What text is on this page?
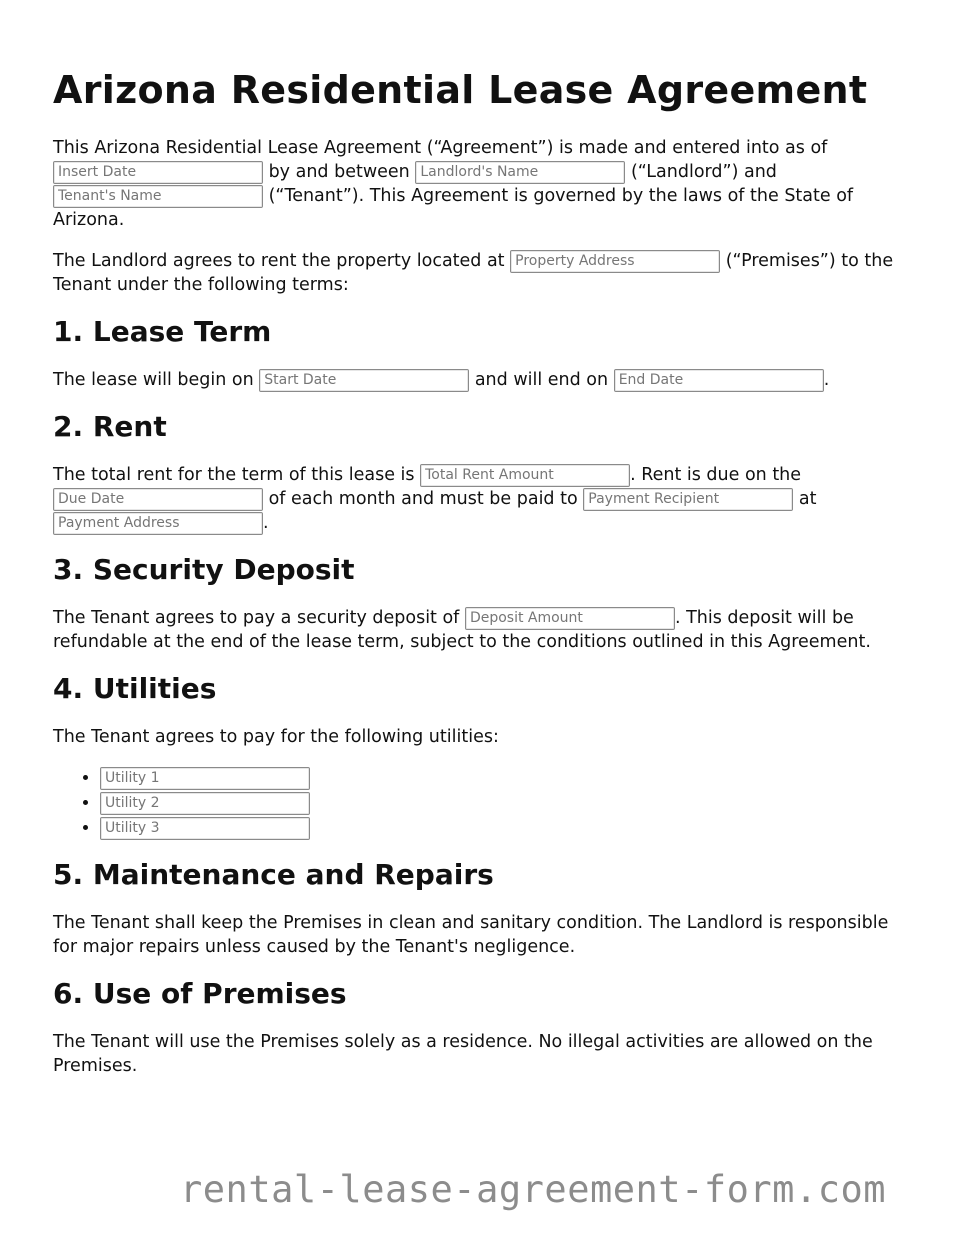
Arizona Residential Lease Agreement

This Arizona Residential Lease Agreement (“Agreement”) is made and entered into as of Insert Date by and between Landlord's Name	(“Landlord”) and Tenant's Name (“Tenant”). This Agreement is governed by the laws of the State of Arizona.

The Landlord agrees to rent the property located at Property Address	(“Premises”) to the Tenant under the following terms:

1. Lease Term

The lease will begin on Start Date	and will end on End Date	.

2. Rent

The total rent for the term of this lease is Total Rent Amount	. Rent is due on the Due Date of each month and must be paid to Payment Recipient	at Payment Address.

3. Security Deposit

The Tenant agrees to pay a security deposit of Deposit Amount	. This deposit will be refundable at the end of the lease term, subject to the conditions outlined in this Agreement.

4. Utilities

The Tenant agrees to pay for the following utilities:

• Utility 1
• Utility 2
• Utility 3
5. Maintenance and Repairs

The Tenant shall keep the Premises in clean and sanitary condition. The Landlord is responsible for major repairs unless caused by the Tenant's negligence.

6. Use of Premises

The Tenant will use the Premises solely as a residence. No illegal activities are allowed on the Premises.

rental-lease-agreement-form.com
